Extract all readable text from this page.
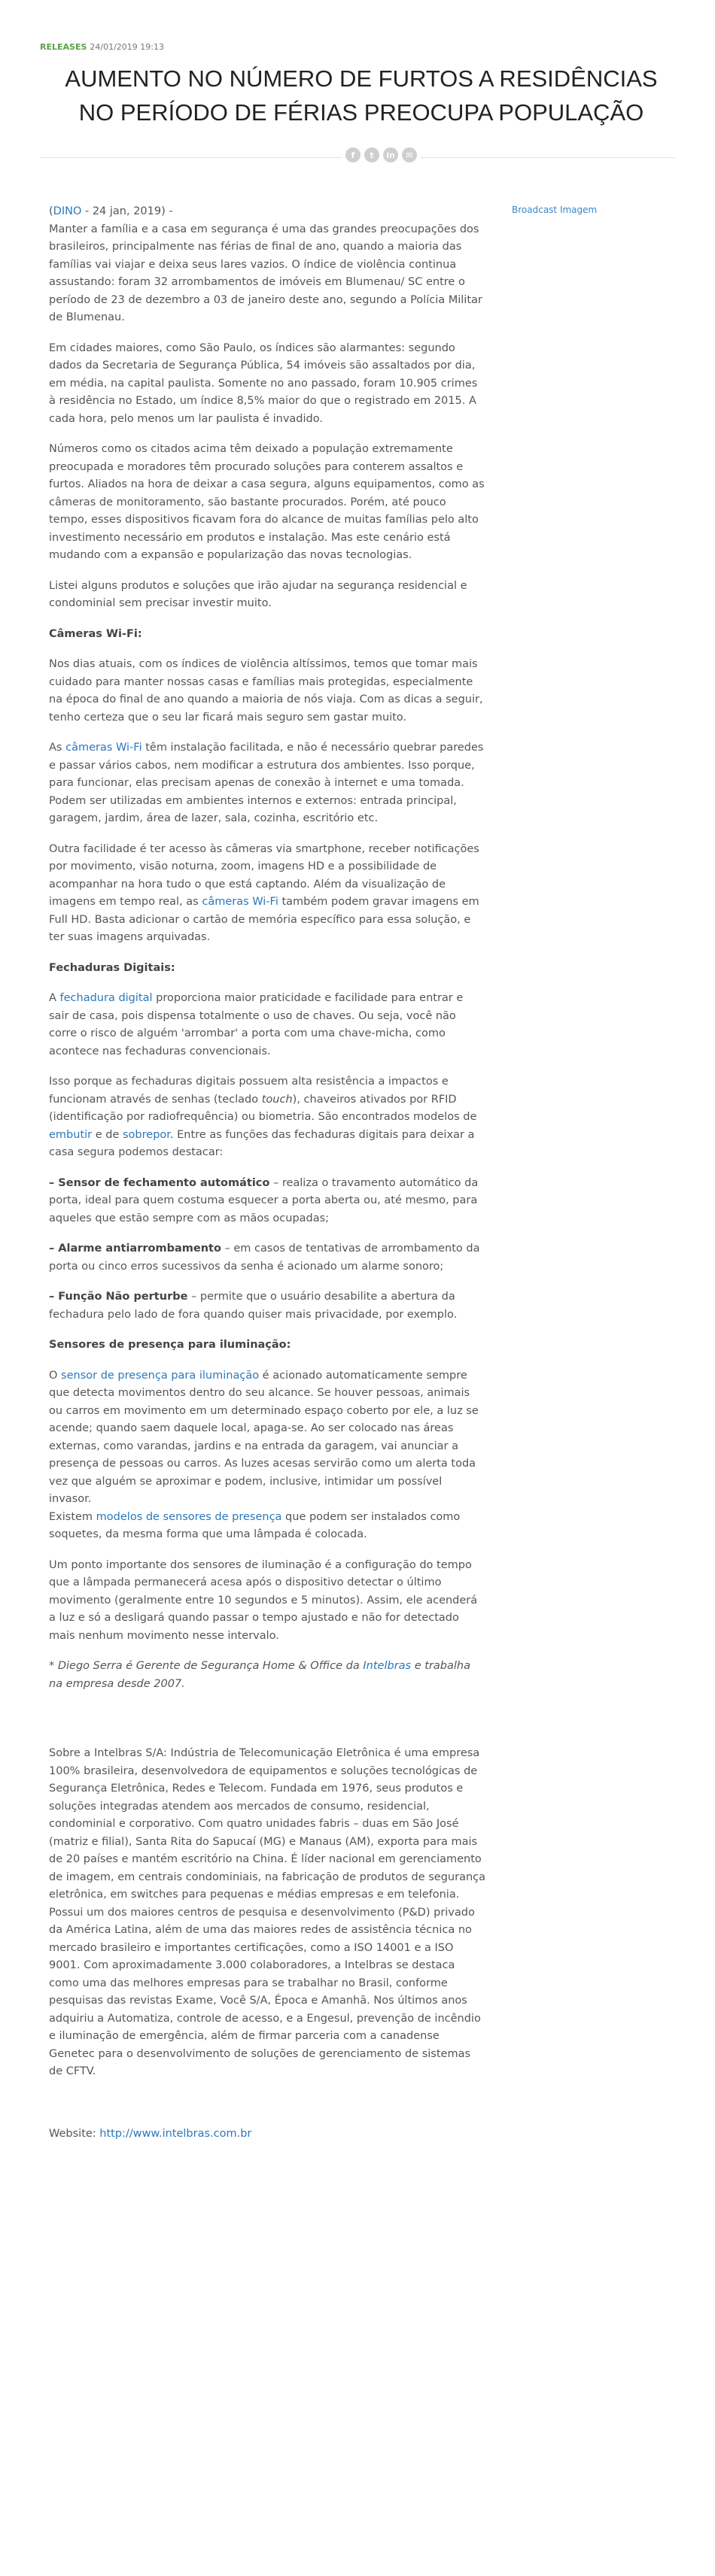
RELEASES 24/01/2019 19:13
AUMENTO NO NÚMERO DE FURTOS A RESIDÊNCIAS NO PERÍODO DE FÉRIAS PREOCUPA POPULAÇÃO
f	t	in	✉
Broadcast Imagem

(DINO - 24 jan, 2019) -
Manter a família e a casa em segurança é uma das grandes preocupações dos brasileiros, principalmente nas férias de final de ano, quando a maioria das famílias vai viajar e deixa seus lares vazios. O índice de violência continua assustando: foram 32 arrombamentos de imóveis em Blumenau/ SC entre o período de 23 de dezembro a 03 de janeiro deste ano, segundo a Polícia Militar de Blumenau.

Em cidades maiores, como São Paulo, os índices são alarmantes: segundo dados da Secretaria de Segurança Pública, 54 imóveis são assaltados por dia, em média, na capital paulista. Somente no ano passado, foram 10.905 crimes à residência no Estado, um índice 8,5% maior do que o registrado em 2015. A cada hora, pelo menos um lar paulista é invadido.

Números como os citados acima têm deixado a população extremamente preocupada e moradores têm procurado soluções para conterem assaltos e furtos. Aliados na hora de deixar a casa segura, alguns equipamentos, como as câmeras de monitoramento, são bastante procurados. Porém, até pouco tempo, esses dispositivos ficavam fora do alcance de muitas famílias pelo alto investimento necessário em produtos e instalação. Mas este cenário está mudando com a expansão e popularização das novas tecnologias.

Listei alguns produtos e soluções que irão ajudar na segurança residencial e condominial sem precisar investir muito.

Câmeras Wi-Fi:

Nos dias atuais, com os índices de violência altíssimos, temos que tomar mais cuidado para manter nossas casas e famílias mais protegidas, especialmente na época do final de ano quando a maioria de nós viaja. Com as dicas a seguir, tenho certeza que o seu lar ficará mais seguro sem gastar muito.

As câmeras Wi-Fi têm instalação facilitada, e não é necessário quebrar paredes e passar vários cabos, nem modificar a estrutura dos ambientes. Isso porque, para funcionar, elas precisam apenas de conexão à internet e uma tomada. Podem ser utilizadas em ambientes internos e externos: entrada principal, garagem, jardim, área de lazer, sala, cozinha, escritório etc.

Outra facilidade é ter acesso às câmeras via smartphone, receber notificações por movimento, visão noturna, zoom, imagens HD e a possibilidade de acompanhar na hora tudo o que está captando. Além da visualização de imagens em tempo real, as câmeras Wi-Fi também podem gravar imagens em Full HD. Basta adicionar o cartão de memória específico para essa solução, e ter suas imagens arquivadas.

Fechaduras Digitais:

A fechadura digital proporciona maior praticidade e facilidade para entrar e sair de casa, pois dispensa totalmente o uso de chaves. Ou seja, você não corre o risco de alguém 'arrombar' a porta com uma chave-micha, como acontece nas fechaduras convencionais.

Isso porque as fechaduras digitais possuem alta resistência a impactos e funcionam através de senhas (teclado touch), chaveiros ativados por RFID (identificação por radiofrequência) ou biometria. São encontrados modelos de embutir e de sobrepor. Entre as funções das fechaduras digitais para deixar a casa segura podemos destacar:

– Sensor de fechamento automático – realiza o travamento automático da porta, ideal para quem costuma esquecer a porta aberta ou, até mesmo, para aqueles que estão sempre com as mãos ocupadas;

– Alarme antiarrombamento – em casos de tentativas de arrombamento da porta ou cinco erros sucessivos da senha é acionado um alarme sonoro;

– Função Não perturbe – permite que o usuário desabilite a abertura da fechadura pelo lado de fora quando quiser mais privacidade, por exemplo.

Sensores de presença para iluminação:

O sensor de presença para iluminação é acionado automaticamente sempre que detecta movimentos dentro do seu alcance. Se houver pessoas, animais ou carros em movimento em um determinado espaço coberto por ele, a luz se acende; quando saem daquele local, apaga-se. Ao ser colocado nas áreas externas, como varandas, jardins e na entrada da garagem, vai anunciar a presença de pessoas ou carros. As luzes acesas servirão como um alerta toda vez que alguém se aproximar e podem, inclusive, intimidar um possível invasor.

Existem modelos de sensores de presença que podem ser instalados como soquetes, da mesma forma que uma lâmpada é colocada.

Um ponto importante dos sensores de iluminação é a configuração do tempo que a lâmpada permanecerá acesa após o dispositivo detectar o último movimento (geralmente entre 10 segundos e 5 minutos). Assim, ele acenderá a luz e só a desligará quando passar o tempo ajustado e não for detectado mais nenhum movimento nesse intervalo.

* Diego Serra é Gerente de Segurança Home & Office da Intelbras e trabalha na empresa desde 2007.

Sobre a Intelbras S/A: Indústria de Telecomunicação Eletrônica é uma empresa 100% brasileira, desenvolvedora de equipamentos e soluções tecnológicas de Segurança Eletrônica, Redes e Telecom. Fundada em 1976, seus produtos e soluções integradas atendem aos mercados de consumo, residencial, condominial e corporativo. Com quatro unidades fabris – duas em São José (matriz e filial), Santa Rita do Sapucaí (MG) e Manaus (AM), exporta para mais de 20 países e mantém escritório na China. É líder nacional em gerenciamento de imagem, em centrais condominiais, na fabricação de produtos de segurança eletrônica, em switches para pequenas e médias empresas e em telefonia. Possui um dos maiores centros de pesquisa e desenvolvimento (P&D) privado da América Latina, além de uma das maiores redes de assistência técnica no mercado brasileiro e importantes certificações, como a ISO 14001 e a ISO 9001. Com aproximadamente 3.000 colaboradores, a Intelbras se destaca como uma das melhores empresas para se trabalhar no Brasil, conforme pesquisas das revistas Exame, Você S/A, Época e Amanhã. Nos últimos anos adquiriu a Automatiza, controle de acesso, e a Engesul, prevenção de incêndio e iluminação de emergência, além de firmar parceria com a canadense Genetec para o desenvolvimento de soluções de gerenciamento de sistemas de CFTV.

Website: http://www.intelbras.com.br
